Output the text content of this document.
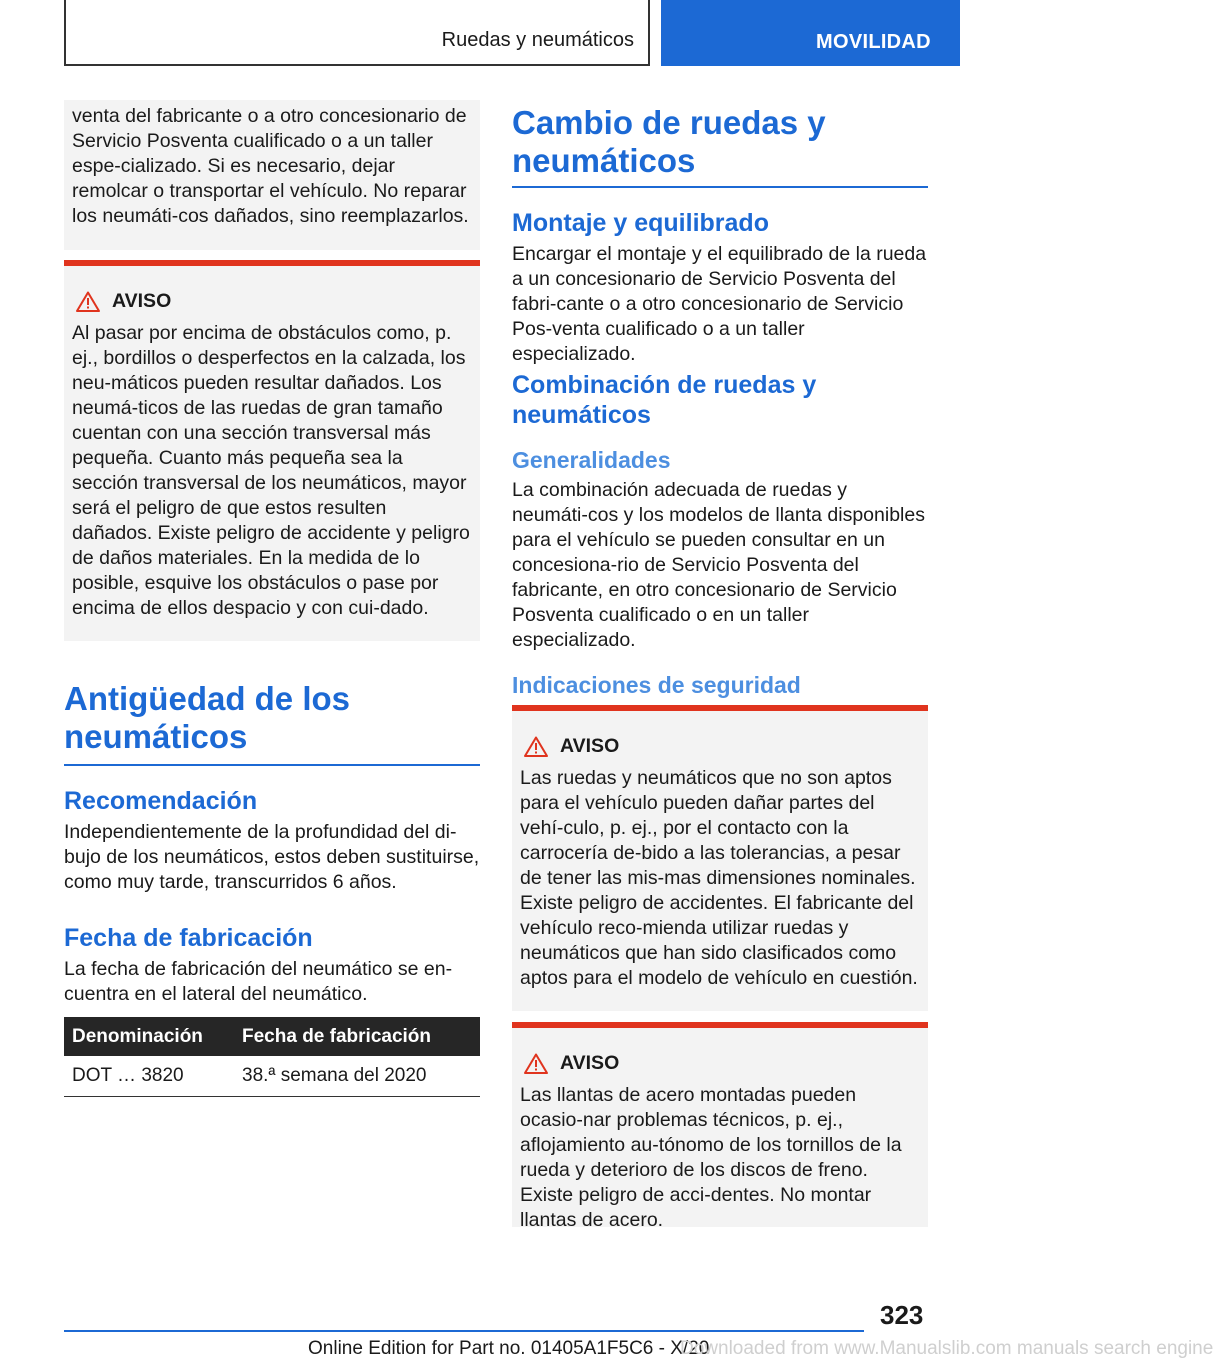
Ruedas y neumáticos	MOVILIDAD

venta del fabricante o a otro concesionario de Servicio Posventa cualificado o a un taller espe-cializado. Si es necesario, dejar remolcar o transportar el vehículo. No reparar los neumáti-cos dañados, sino reemplazarlos.

AVISO

Al pasar por encima de obstáculos como, p. ej., bordillos o desperfectos en la calzada, los neu-máticos pueden resultar dañados. Los neumá-ticos de las ruedas de gran tamaño cuentan con una sección transversal más pequeña. Cuanto más pequeña sea la sección transversal de los neumáticos, mayor será el peligro de que estos resulten dañados. Existe peligro de accidente y peligro de daños materiales. En la medida de lo posible, esquive los obstáculos o pase por encima de ellos despacio y con cui-dado.

Antigüedad de los neumáticos
Recomendación

Independientemente de la profundidad del di-bujo de los neumáticos, estos deben sustituirse, como muy tarde, transcurridos 6 años.

Fecha de fabricación

La fecha de fabricación del neumático se en-cuentra en el lateral del neumático.

Denominación	Fecha de fabricación
DOT … 3820	38.ª semana del 2020
Cambio de ruedas y neumáticos
Montaje y equilibrado

Encargar el montaje y el equilibrado de la rueda a un concesionario de Servicio Posventa del fabri-cante o a otro concesionario de Servicio Pos-venta cualificado o a un taller especializado.

Combinación de ruedas y neumáticos
Generalidades

La combinación adecuada de ruedas y neumáti-cos y los modelos de llanta disponibles para el vehículo se pueden consultar en un concesiona-rio de Servicio Posventa del fabricante, en otro concesionario de Servicio Posventa cualificado o en un taller especializado.

Indicaciones de seguridad
AVISO

Las ruedas y neumáticos que no son aptos para el vehículo pueden dañar partes del vehí-culo, p. ej., por el contacto con la carrocería de-bido a las tolerancias, a pesar de tener las mis-mas dimensiones nominales. Existe peligro de accidentes. El fabricante del vehículo reco-mienda utilizar ruedas y neumáticos que han sido clasificados como aptos para el modelo de vehículo en cuestión.

AVISO

Las llantas de acero montadas pueden ocasio-nar problemas técnicos, p. ej., aflojamiento au-tónomo de los tornillos de la rueda y deterioro de los discos de freno. Existe peligro de acci-dentes. No montar llantas de acero.

323
Online Edition for Part no. 01405A1F5C6 - X/20
Downloaded from www.Manualslib.com manuals search engine
